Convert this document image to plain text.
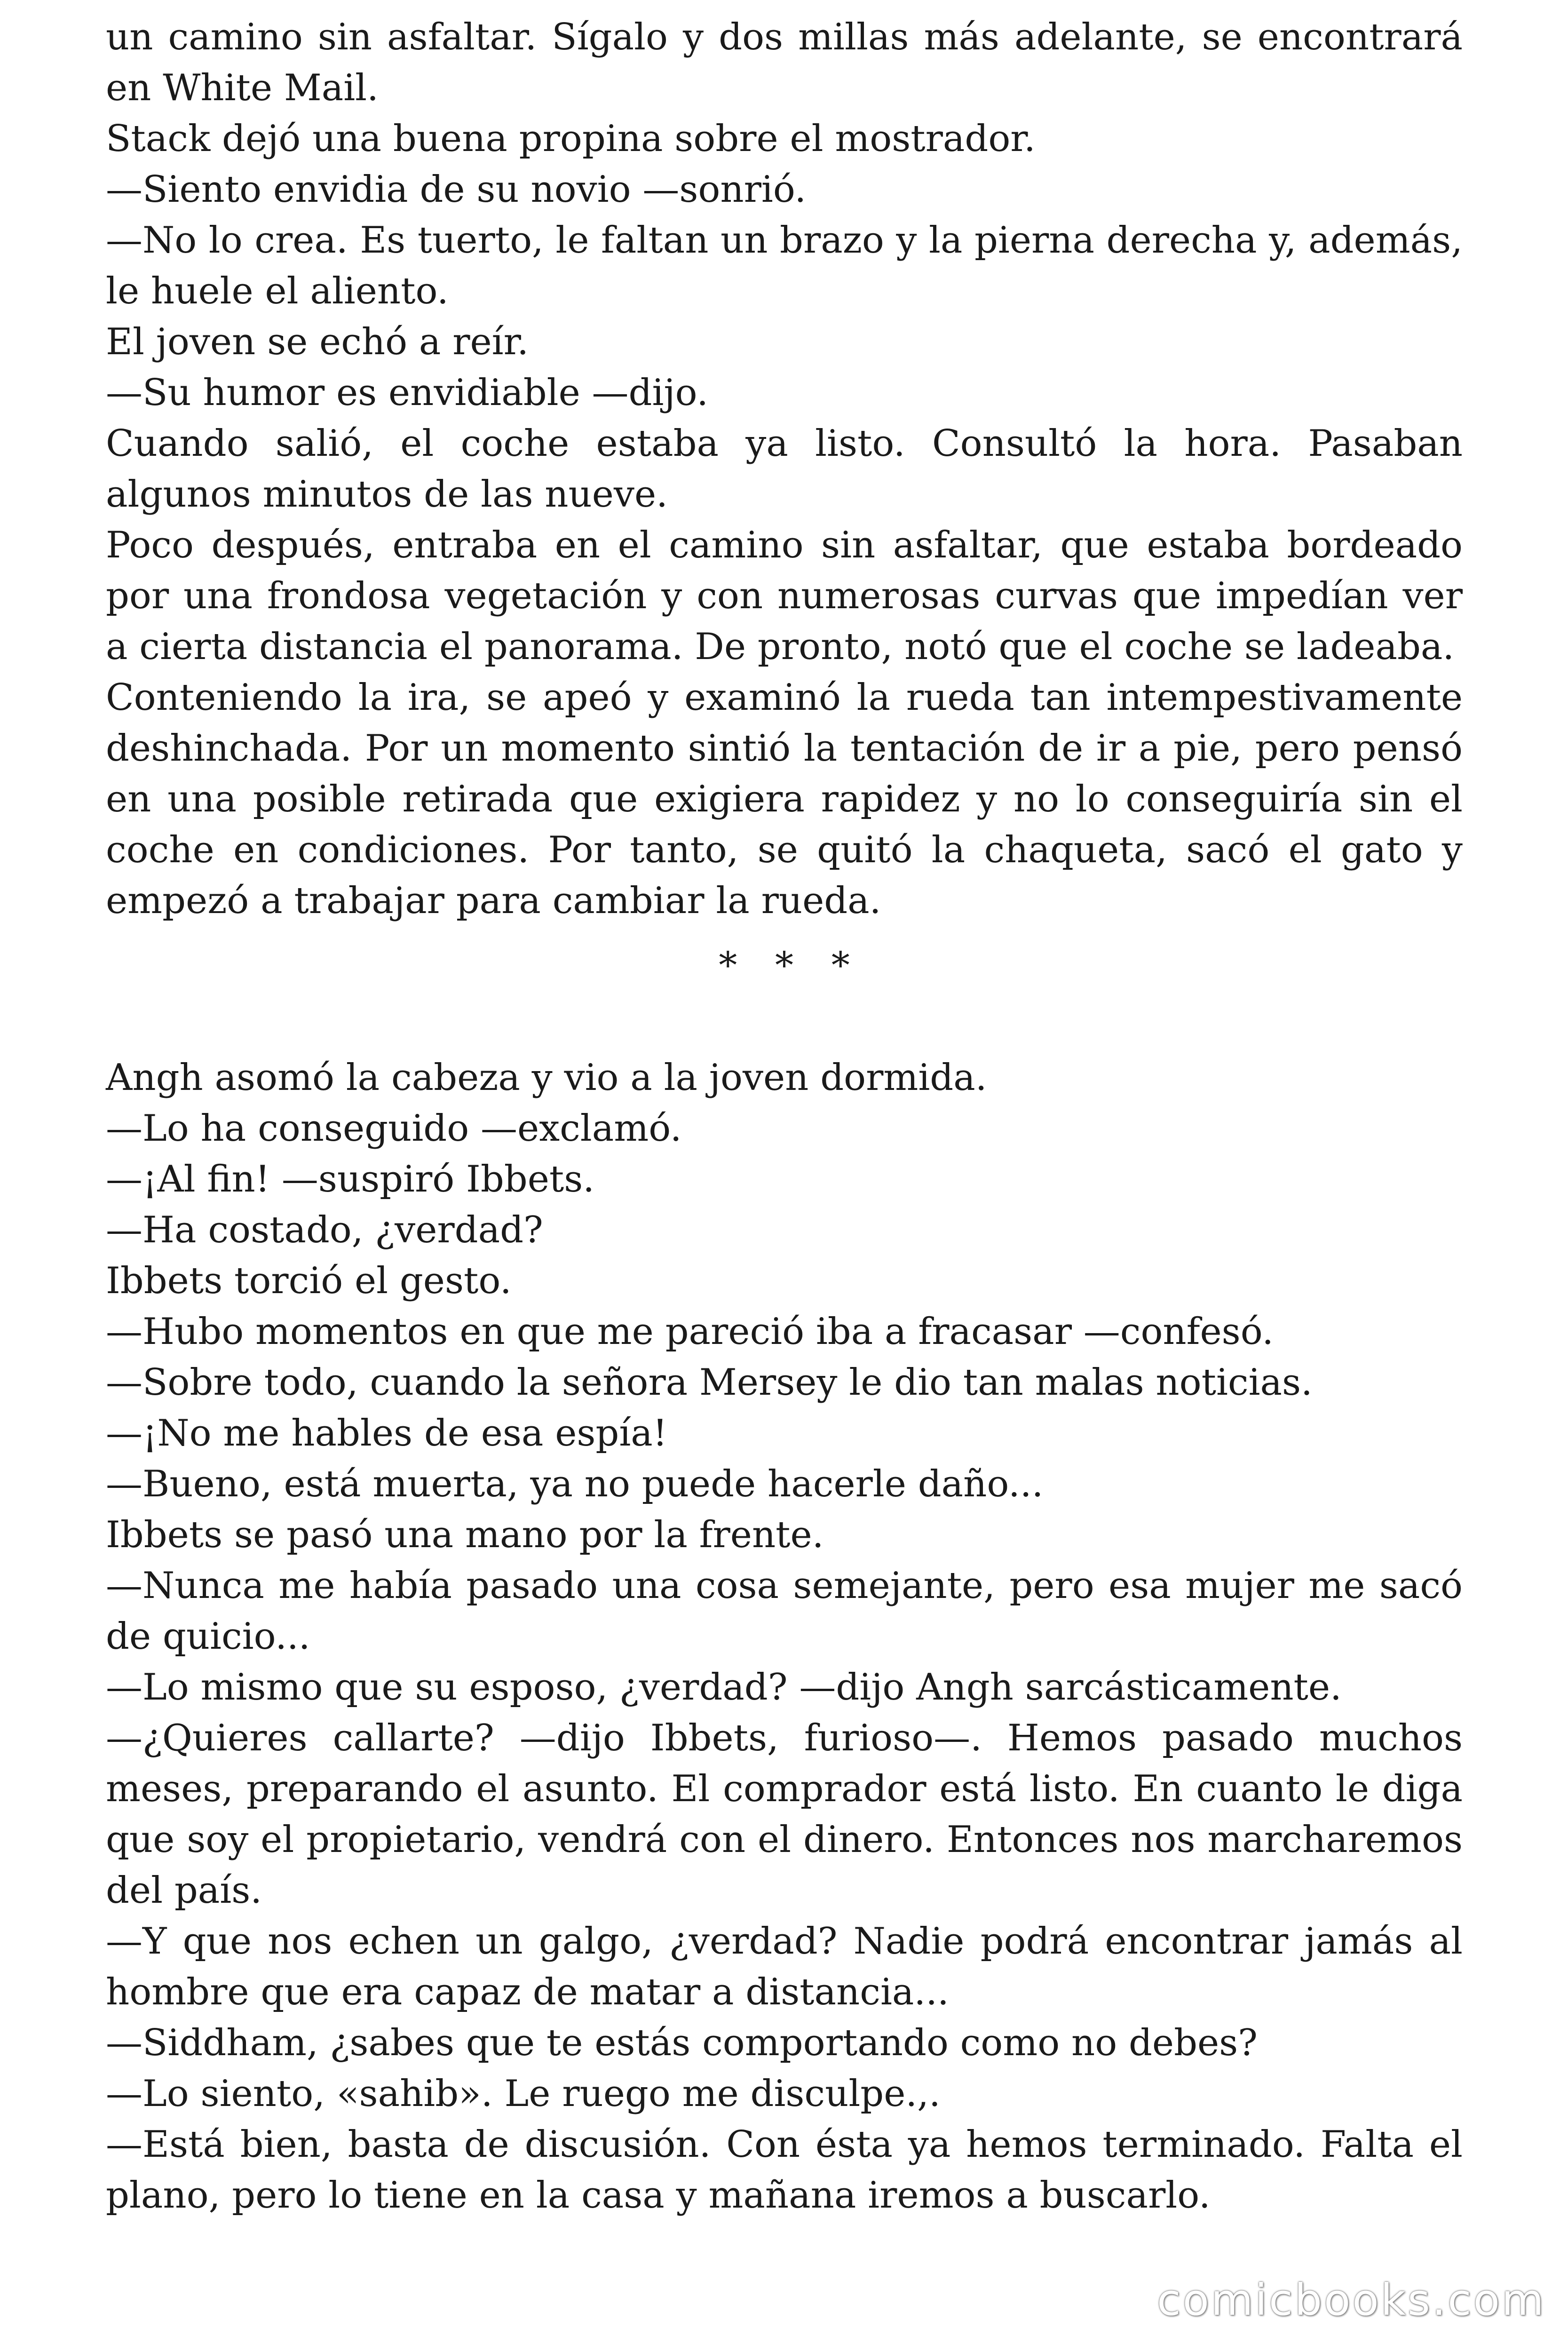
un camino sin asfaltar. Sígalo y dos millas más adelante, se encontrará en White Mail.

Stack dejó una buena propina sobre el mostrador.

—Siento envidia de su novio —sonrió.

—No lo crea. Es tuerto, le faltan un brazo y la pierna derecha y, además, le huele el aliento.

El joven se echó a reír.

—Su humor es envidiable —dijo.

Cuando salió, el coche estaba ya listo. Consultó la hora. Pasaban algunos minutos de las nueve.

Poco después, entraba en el camino sin asfaltar, que estaba bordeado por una frondosa vegetación y con numerosas curvas que impedían ver a cierta distancia el panorama. De pronto, notó que el coche se ladeaba.

Conteniendo la ira, se apeó y examinó la rueda tan intempestivamente deshinchada. Por un momento sintió la tentación de ir a pie, pero pensó en una posible retirada que exigiera rapidez y no lo conseguiría sin el coche en condiciones. Por tanto, se quitó la chaqueta, sacó el gato y empezó a trabajar para cambiar la rueda.

* * *

Angh asomó la cabeza y vio a la joven dormida.

—Lo ha conseguido —exclamó.

—¡Al fin! —suspiró Ibbets.

—Ha costado, ¿verdad?

Ibbets torció el gesto.

—Hubo momentos en que me pareció iba a fracasar —confesó.

—Sobre todo, cuando la señora Mersey le dio tan malas noticias.

—¡No me hables de esa espía!

—Bueno, está muerta, ya no puede hacerle daño...

Ibbets se pasó una mano por la frente.

—Nunca me había pasado una cosa semejante, pero esa mujer me sacó de quicio...

—Lo mismo que su esposo, ¿verdad? —dijo Angh sarcásticamente.

—¿Quieres callarte? —dijo Ibbets, furioso—. Hemos pasado muchos meses, preparando el asunto. El comprador está listo. En cuanto le diga que soy el propietario, vendrá con el dinero. Entonces nos marcharemos del país.

—Y que nos echen un galgo, ¿verdad? Nadie podrá encontrar jamás al hombre que era capaz de matar a distancia...

—Siddham, ¿sabes que te estás comportando como no debes?

—Lo siento, «sahib». Le ruego me disculpe.,.

—Está bien, basta de discusión. Con ésta ya hemos terminado. Falta el plano, pero lo tiene en la casa y mañana iremos a buscarlo.

comicbooks.com
